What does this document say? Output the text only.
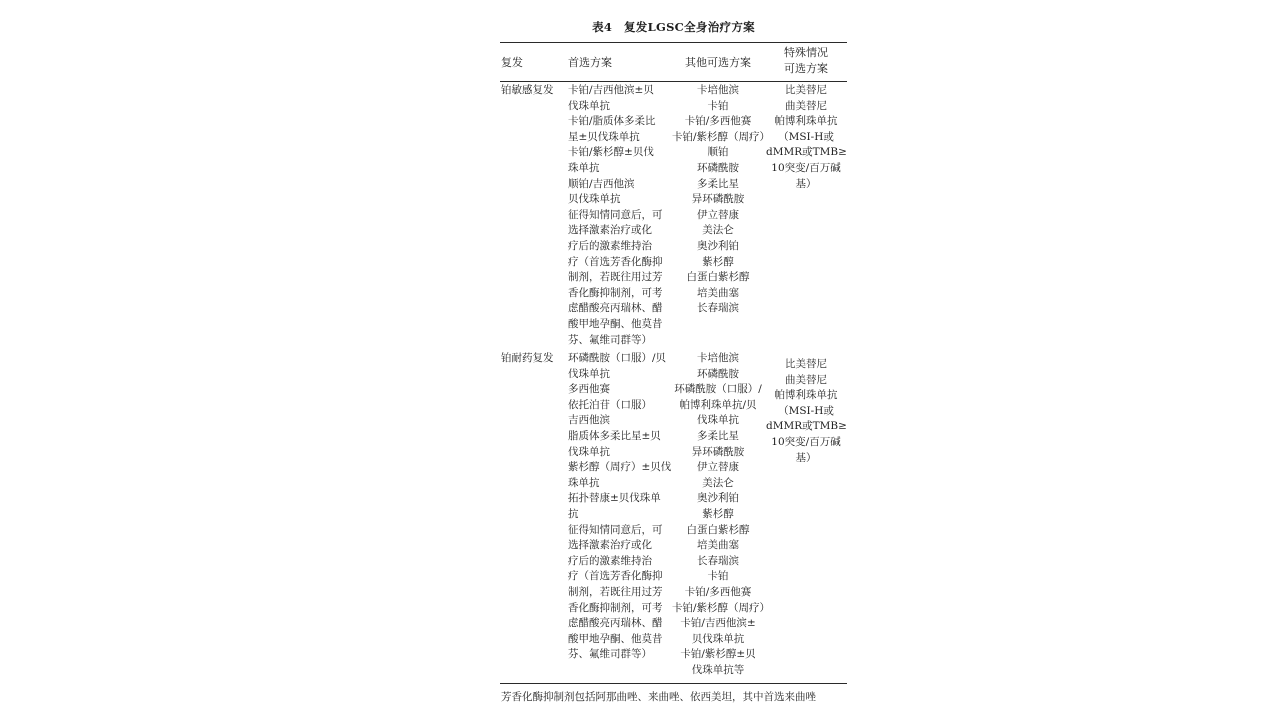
表4　复发LGSC全身治疗方案
复发	首选方案	其他可选方案
特殊情况
可选方案
铂敏感复发 卡铂/吉西他滨±贝
伐珠单抗
卡铂/脂质体多柔比
星±贝伐珠单抗
卡铂/紫杉醇±贝伐
珠单抗
顺铂/吉西他滨
贝伐珠单抗
征得知情同意后，可
选择激素治疗或化
疗后的激素维持治
疗（首选芳香化酶抑
制剂，若既往用过芳
香化酶抑制剂，可考
虑醋酸亮丙瑞林、醋
酸甲地孕酮、他莫昔
芬、氟维司群等）
卡培他滨
卡铂
卡铂/多西他赛
卡铂/紫杉醇（周疗）
顺铂
环磷酰胺
多柔比星
异环磷酰胺
伊立替康
美法仑
奥沙利铂
紫杉醇
白蛋白紫杉醇
培美曲塞
长春瑞滨
比美替尼
曲美替尼
帕博利珠单抗
（MSI-H或
dMMR或TMB≥
10突变/百万碱
基）
铂耐药复发 环磷酰胺（口服）/贝
伐珠单抗
多西他赛
依托泊苷（口服）
吉西他滨
脂质体多柔比星±贝
伐珠单抗
紫杉醇（周疗）±贝伐
珠单抗
拓扑替康±贝伐珠单
抗
征得知情同意后，可
选择激素治疗或化
疗后的激素维持治
疗（首选芳香化酶抑
制剂，若既往用过芳
香化酶抑制剂，可考
虑醋酸亮丙瑞林、醋
酸甲地孕酮、他莫昔
芬、氟维司群等）
卡培他滨
环磷酰胺
环磷酰胺（口服）/
帕博利珠单抗/贝
伐珠单抗
多柔比星
异环磷酰胺
伊立替康
美法仑
奥沙利铂
紫杉醇
白蛋白紫杉醇
培美曲塞
长春瑞滨
卡铂
卡铂/多西他赛
卡铂/紫杉醇（周疗）
卡铂/吉西他滨±
贝伐珠单抗
卡铂/紫杉醇±贝
伐珠单抗等
比美替尼
曲美替尼
帕博利珠单抗
（MSI-H或
dMMR或TMB≥
10突变/百万碱
基）
芳香化酶抑制剂包括阿那曲唑、来曲唑、依西美坦，其中首选来曲唑
